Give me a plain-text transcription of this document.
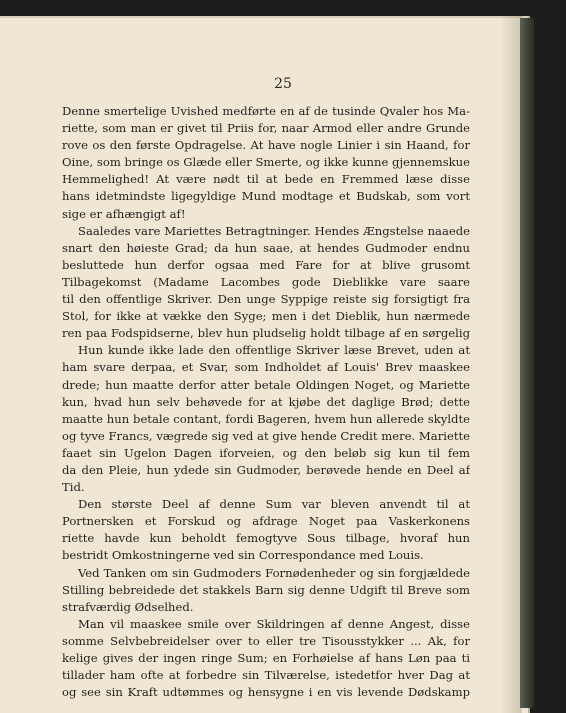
25
Denne smertelige Uvished medførte en af de tusinde Qvaler hos Ma-
riette, som man er givet til Priis for, naar Armod eller andre Grunde
rove os den første Opdragelse. At have nogle Linier i sin Haand, for
Oine, som bringe os Glæde eller Smerte, og ikke kunne gjennemskue
Hemmelighed! At være nødt til at bede en Fremmed læse disse
hans idetmindste ligegyldige Mund modtage et Budskab, som vort
sige er afhængigt af!
Saaledes vare Mariettes Betragtninger. Hendes Ængstelse naaede
snart den høieste Grad; da hun saae, at hendes Gudmoder endnu
besluttede hun derfor ogsaa med Fare for at blive grusomt
Tilbagekomst (Madame Lacombes gode Dieblikke vare saare
til den offentlige Skriver. Den unge Syppige reiste sig forsigtigt fra
Stol, for ikke at vække den Syge; men i det Dieblik, hun nærmede
ren paa Fodspidserne, blev hun pludselig holdt tilbage af en sørgelig
Hun kunde ikke lade den offentlige Skriver læse Brevet, uden at
ham svare derpaa, et Svar, som Indholdet af Louis' Brev maaskee
drede; hun maatte derfor atter betale Oldingen Noget, og Mariette
kun, hvad hun selv behøvede for at kjøbe det daglige Brød; dette
maatte hun betale contant, fordi Bageren, hvem hun allerede skyldte
og tyve Francs, vægrede sig ved at give hende Credit mere. Mariette
faaet sin Ugelon Dagen iforveien, og den beløb sig kun til fem
da den Pleie, hun ydede sin Gudmoder, berøvede hende en Deel af
Tid.
Den største Deel af denne Sum var bleven anvendt til at
Portnersken et Forskud og afdrage Noget paa Vaskerkonens
riette havde kun beholdt femogtyve Sous tilbage, hvoraf hun
bestridt Omkostningerne ved sin Correspondance med Louis.
Ved Tanken om sin Gudmoders Fornødenheder og sin forgjældede
Stilling bebreidede det stakkels Barn sig denne Udgift til Breve som
strafværdig Ødselhed.
Man vil maaskee smile over Skildringen af denne Angest, disse
somme Selvbebreidelser over to eller tre Tisousstykker ... Ak, for
kelige gives der ingen ringe Sum; en Forhøielse af hans Løn paa ti
tillader ham ofte at forbedre sin Tilværelse, istedetfor hver Dag at
og see sin Kraft udtømmes og hensygne i en vis levende Dødskamp
